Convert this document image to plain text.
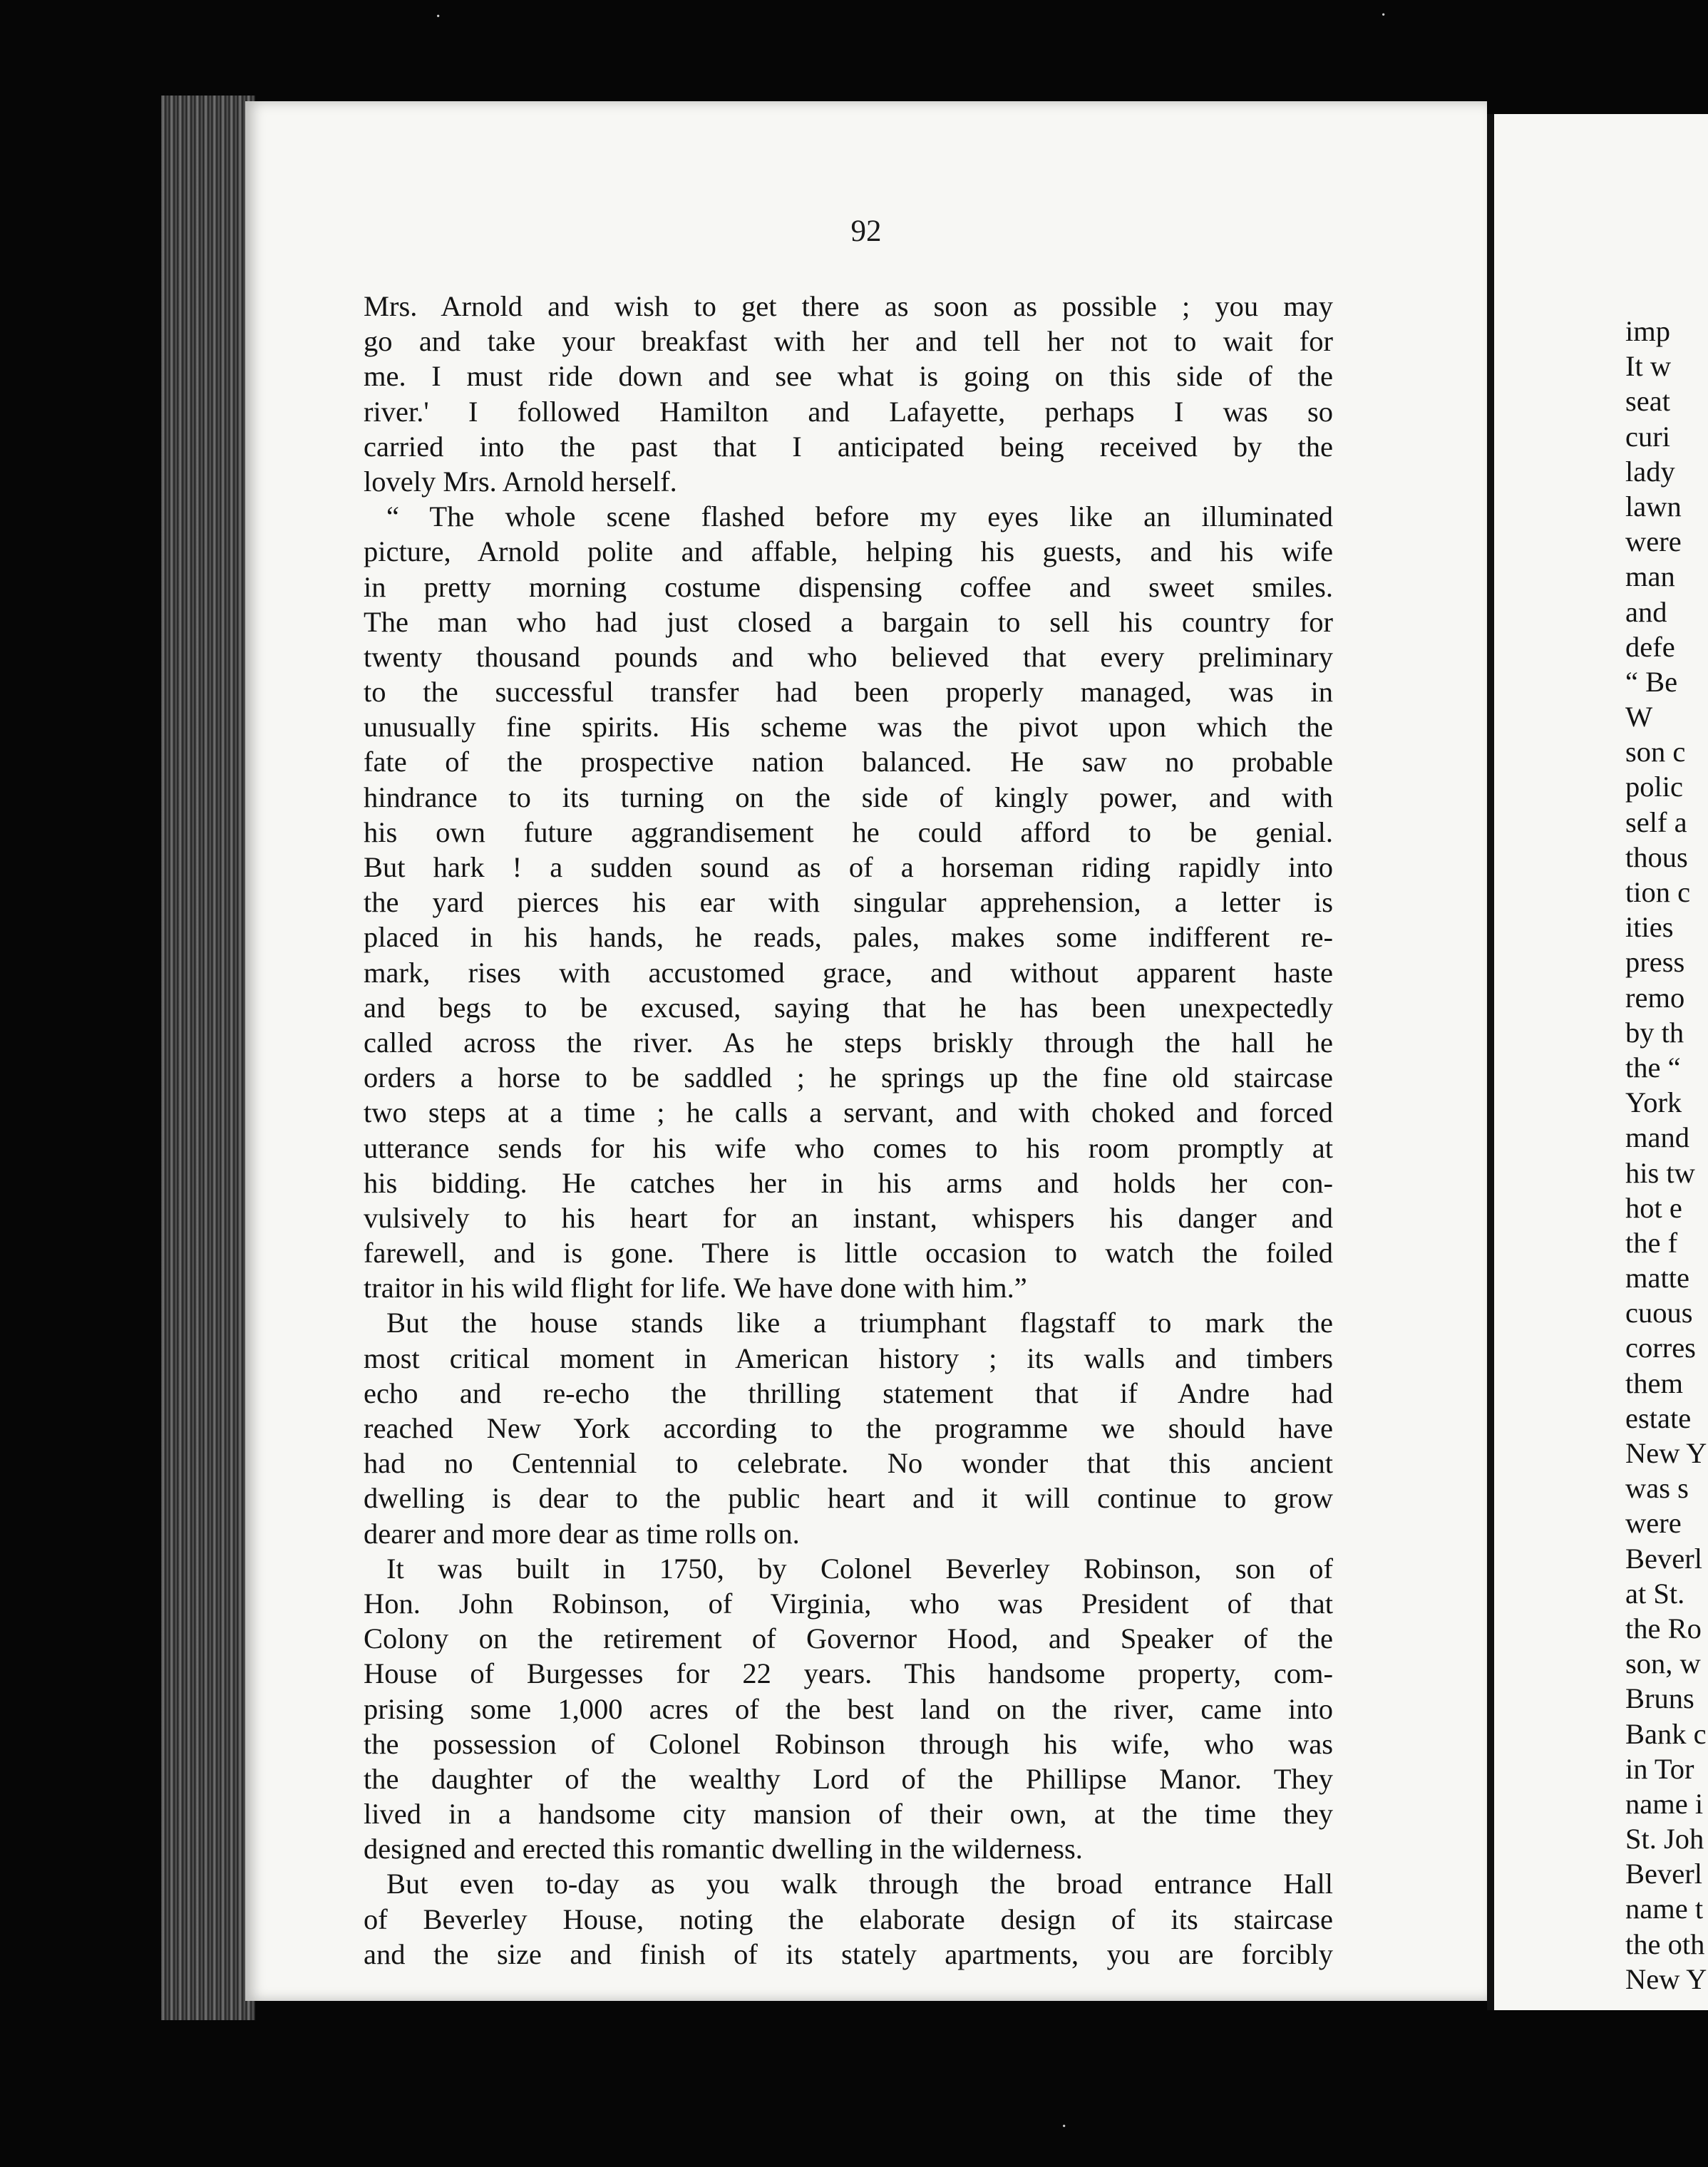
92
Mrs. Arnold and wish to get there as soon as possible ; you may
go and take your breakfast with her and tell her not to wait for
me. I must ride down and see what is going on this side of the
river.' I followed Hamilton and Lafayette, perhaps I was so
carried into the past that I anticipated being received by the
lovely Mrs. Arnold herself.
“ The whole scene flashed before my eyes like an illuminated
picture, Arnold polite and affable, helping his guests, and his wife
in pretty morning costume dispensing coffee and sweet smiles.
The man who had just closed a bargain to sell his country for
twenty thousand pounds and who believed that every preliminary
to the successful transfer had been properly managed, was in
unusually fine spirits. His scheme was the pivot upon which the
fate of the prospective nation balanced. He saw no probable
hindrance to its turning on the side of kingly power, and with
his own future aggrandisement he could afford to be genial.
But hark ! a sudden sound as of a horseman riding rapidly into
the yard pierces his ear with singular apprehension, a letter is
placed in his hands, he reads, pales, makes some indifferent re-
mark, rises with accustomed grace, and without apparent haste
and begs to be excused, saying that he has been unexpectedly
called across the river. As he steps briskly through the hall he
orders a horse to be saddled ; he springs up the fine old staircase
two steps at a time ; he calls a servant, and with choked and forced
utterance sends for his wife who comes to his room promptly at
his bidding. He catches her in his arms and holds her con-
vulsively to his heart for an instant, whispers his danger and
farewell, and is gone. There is little occasion to watch the foiled
traitor in his wild flight for life. We have done with him.”
But the house stands like a triumphant flagstaff to mark the
most critical moment in American history ; its walls and timbers
echo and re-echo the thrilling statement that if Andre had
reached New York according to the programme we should have
had no Centennial to celebrate. No wonder that this ancient
dwelling is dear to the public heart and it will continue to grow
dearer and more dear as time rolls on.
It was built in 1750, by Colonel Beverley Robinson, son of
Hon. John Robinson, of Virginia, who was President of that
Colony on the retirement of Governor Hood, and Speaker of the
House of Burgesses for 22 years. This handsome property, com-
prising some 1,000 acres of the best land on the river, came into
the possession of Colonel Robinson through his wife, who was
the daughter of the wealthy Lord of the Phillipse Manor. They
lived in a handsome city mansion of their own, at the time they
designed and erected this romantic dwelling in the wilderness.
But even to-day as you walk through the broad entrance Hall
of Beverley House, noting the elaborate design of its staircase
and the size and finish of its stately apartments, you are forcibly
imp
It w
seat
curi
lady
lawn
were
man
and
defe
“ Be
W
son c
polic
self a
thous
tion c
ities
press
remo
by th
the “
York
mand
his tw
hot e
the f
matte
cuous
corres
them
estate
New Y
was s
were
Beverl
at St.
the Ro
son, w
Bruns
Bank c
in Tor
name i
St. Joh
Beverl
name t
the oth
New Y
·	·
·
